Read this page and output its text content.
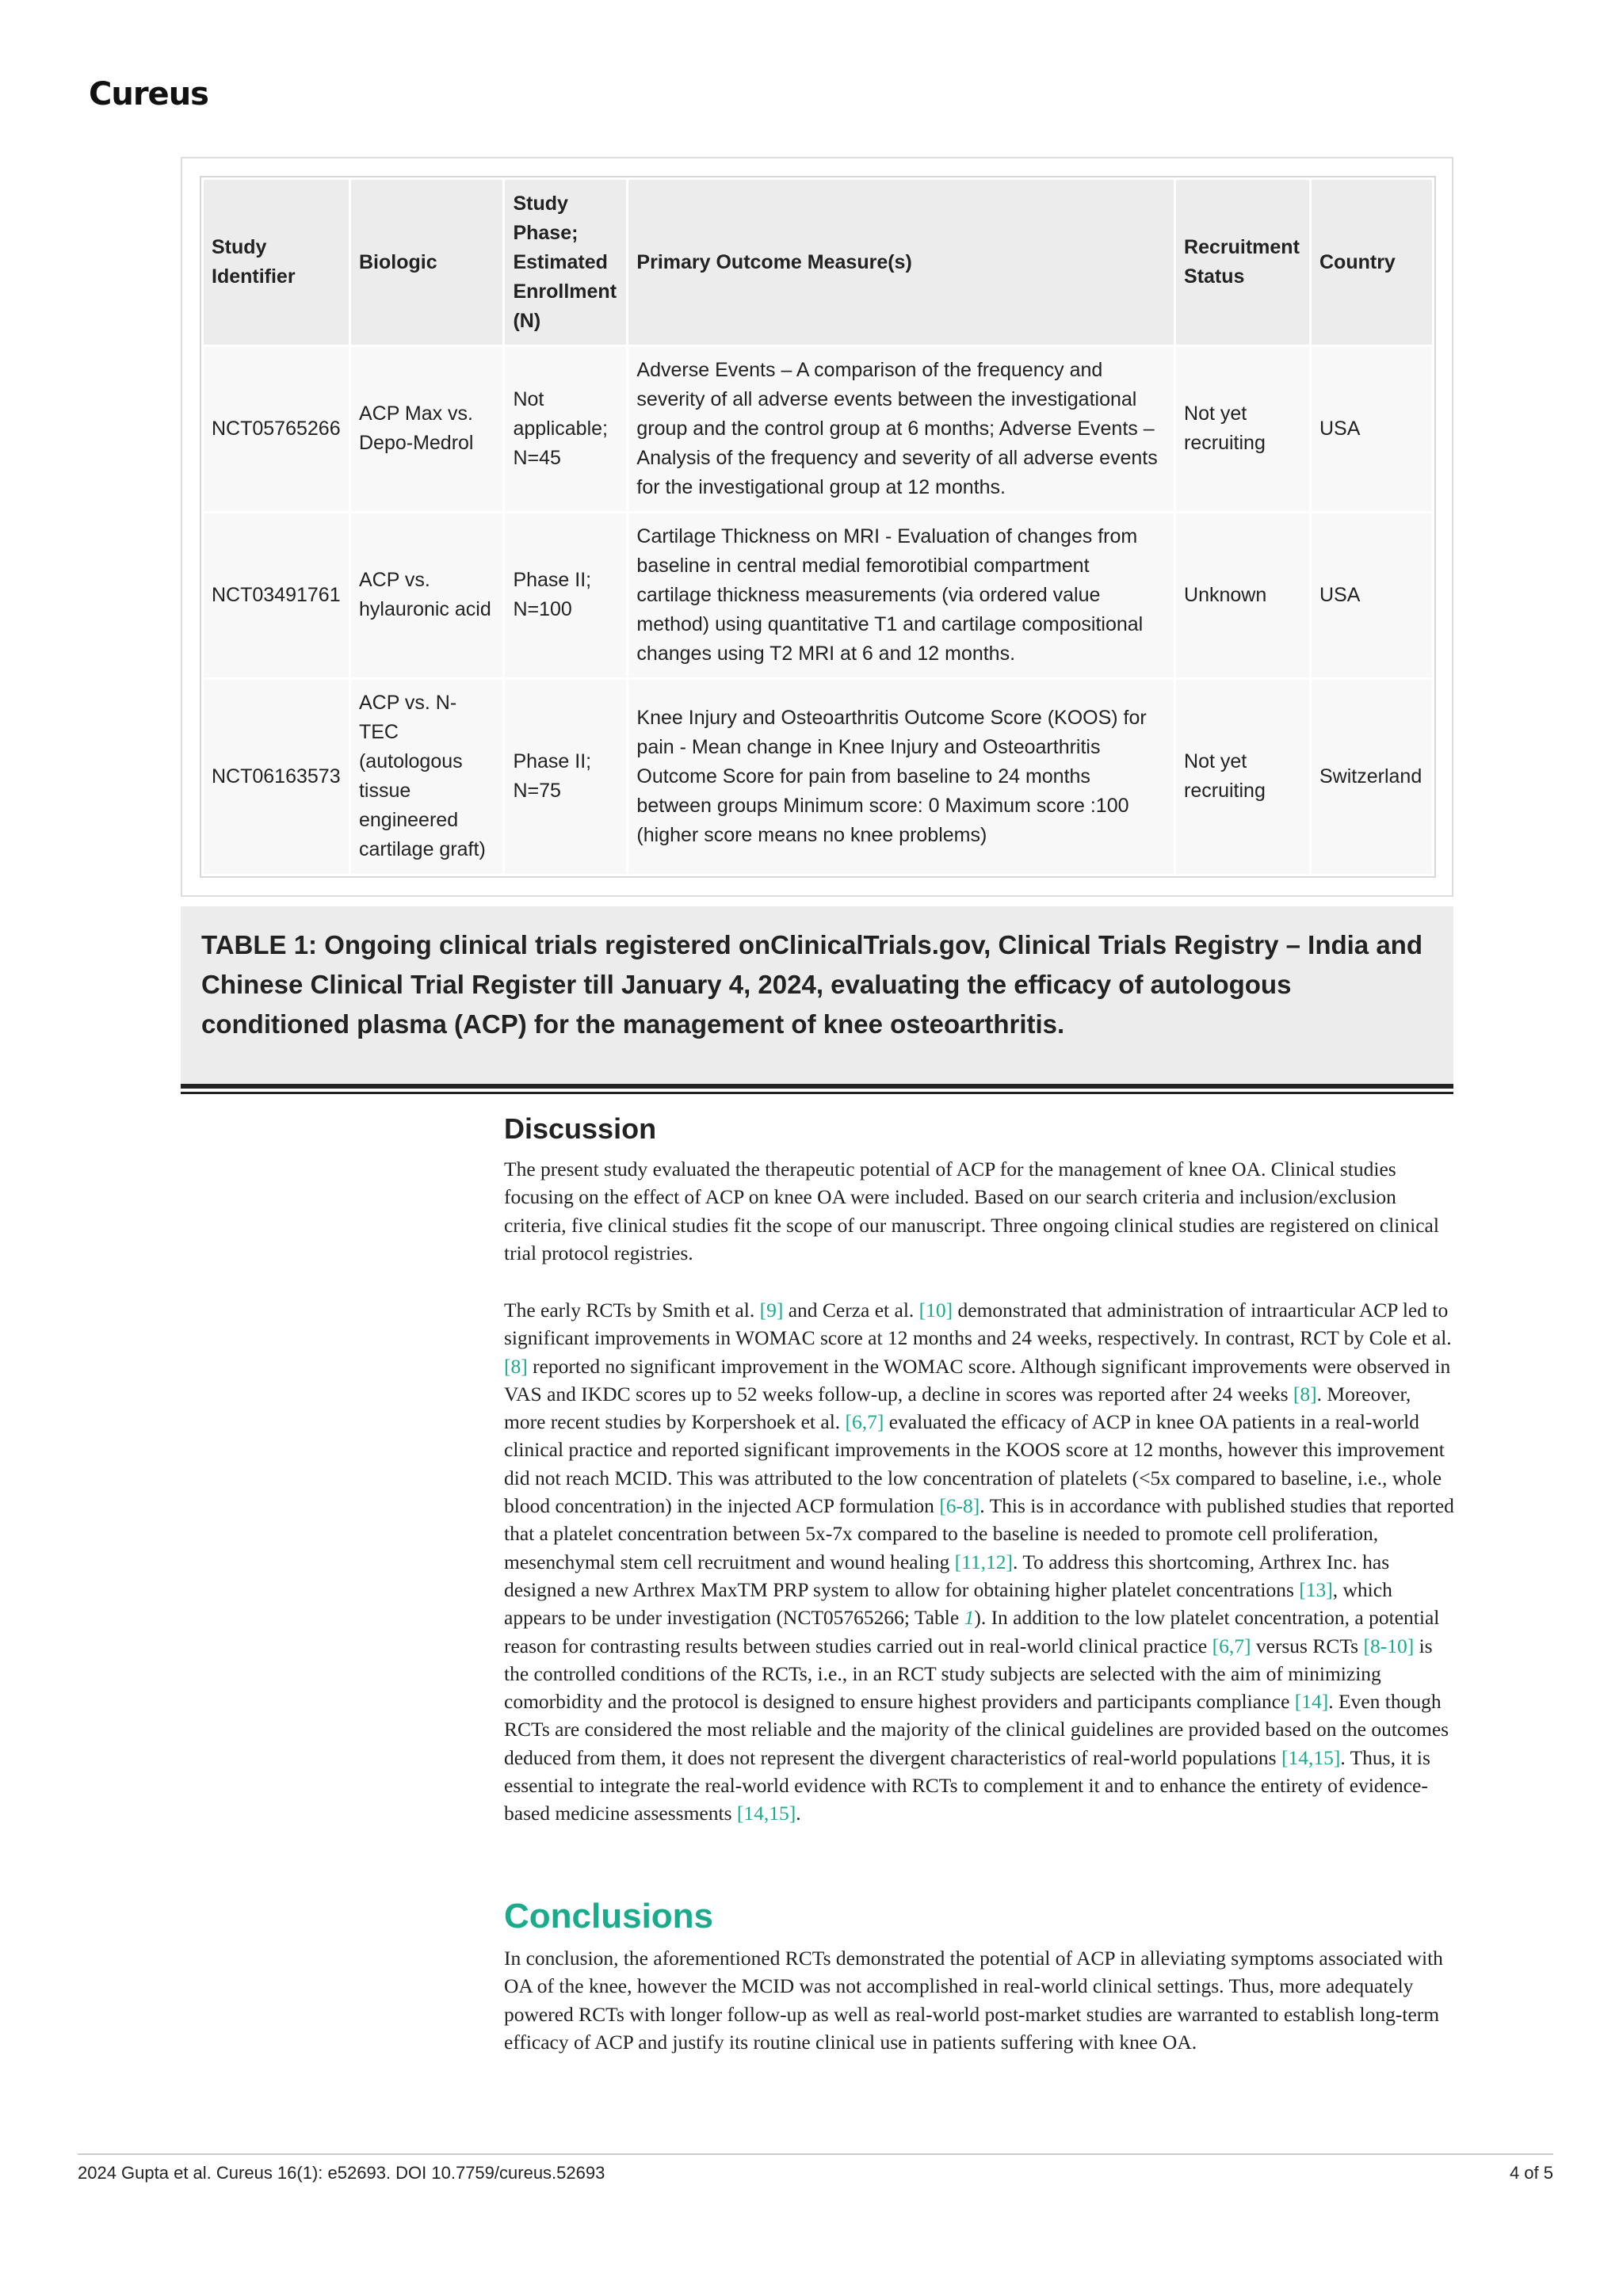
Cureus
Study Identifier	Biologic	Study Phase; Estimated Enrollment (N)	Primary Outcome Measure(s)	Recruitment Status	Country
NCT05765266	ACP Max vs. Depo-Medrol	Not applicable; N=45	Adverse Events – A comparison of the frequency and severity of all adverse events between the investigational group and the control group at 6 months; Adverse Events – Analysis of the frequency and severity of all adverse events for the investigational group at 12 months.	Not yet recruiting	USA
NCT03491761	ACP vs. hylauronic acid	Phase II; N=100	Cartilage Thickness on MRI - Evaluation of changes from baseline in central medial femorotibial compartment cartilage thickness measurements (via ordered value method) using quantitative T1 and cartilage compositional changes using T2 MRI at 6 and 12 months.	Unknown	USA
NCT06163573	ACP vs. N-TEC (autologous tissue engineered cartilage graft)	Phase II; N=75	Knee Injury and Osteoarthritis Outcome Score (KOOS) for pain - Mean change in Knee Injury and Osteoarthritis Outcome Score for pain from baseline to 24 months between groups Minimum score: 0 Maximum score :100 (higher score means no knee problems)	Not yet recruiting	Switzerland
TABLE 1: Ongoing clinical trials registered onClinicalTrials.gov, Clinical Trials Registry – India and Chinese Clinical Trial Register till January 4, 2024, evaluating the efficacy of autologous conditioned plasma (ACP) for the management of knee osteoarthritis.
Discussion

The present study evaluated the therapeutic potential of ACP for the management of knee OA. Clinical studies focusing on the effect of ACP on knee OA were included. Based on our search criteria and inclusion/exclusion criteria, five clinical studies fit the scope of our manuscript. Three ongoing clinical studies are registered on clinical trial protocol registries.

The early RCTs by Smith et al. [9] and Cerza et al. [10] demonstrated that administration of intraarticular ACP led to significant improvements in WOMAC score at 12 months and 24 weeks, respectively. In contrast, RCT by Cole et al. [8] reported no significant improvement in the WOMAC score. Although significant improvements were observed in VAS and IKDC scores up to 52 weeks follow-up, a decline in scores was reported after 24 weeks [8]. Moreover, more recent studies by Korpershoek et al. [6,7] evaluated the efficacy of ACP in knee OA patients in a real-world clinical practice and reported significant improvements in the KOOS score at 12 months, however this improvement did not reach MCID. This was attributed to the low concentration of platelets (<5x compared to baseline, i.e., whole blood concentration) in the injected ACP formulation [6-8]. This is in accordance with published studies that reported that a platelet concentration between 5x-7x compared to the baseline is needed to promote cell proliferation, mesenchymal stem cell recruitment and wound healing [11,12]. To address this shortcoming, Arthrex Inc. has designed a new Arthrex MaxTM PRP system to allow for obtaining higher platelet concentrations [13], which appears to be under investigation (NCT05765266; Table 1). In addition to the low platelet concentration, a potential reason for contrasting results between studies carried out in real-world clinical practice [6,7] versus RCTs [8-10] is the controlled conditions of the RCTs, i.e., in an RCT study subjects are selected with the aim of minimizing comorbidity and the protocol is designed to ensure highest providers and participants compliance [14]. Even though RCTs are considered the most reliable and the majority of the clinical guidelines are provided based on the outcomes deduced from them, it does not represent the divergent characteristics of real-world populations [14,15]. Thus, it is essential to integrate the real-world evidence with RCTs to complement it and to enhance the entirety of evidence-based medicine assessments [14,15].

Conclusions

In conclusion, the aforementioned RCTs demonstrated the potential of ACP in alleviating symptoms associated with OA of the knee, however the MCID was not accomplished in real-world clinical settings. Thus, more adequately powered RCTs with longer follow-up as well as real-world post-market studies are warranted to establish long-term efficacy of ACP and justify its routine clinical use in patients suffering with knee OA.

2024 Gupta et al. Cureus 16(1): e52693. DOI 10.7759/cureus.52693	4 of 5
